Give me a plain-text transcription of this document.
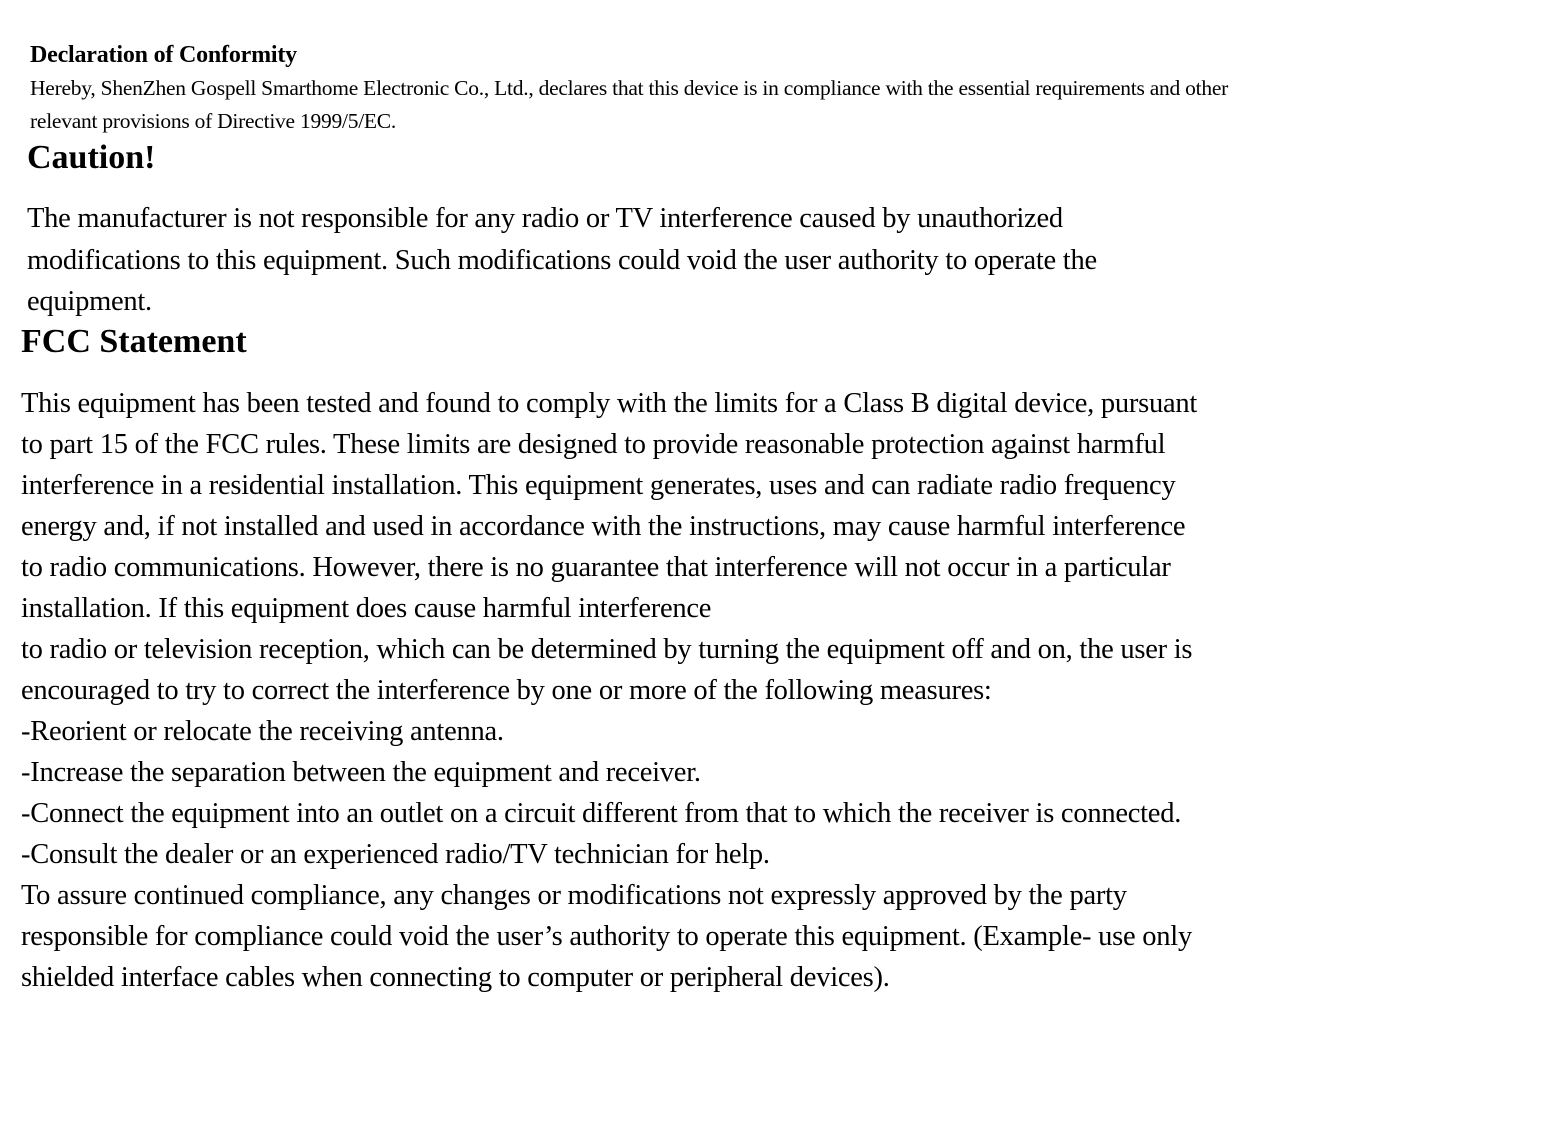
Declaration of Conformity
Hereby, ShenZhen Gospell Smarthome Electronic Co., Ltd., declares that this device is in compliance with the essential requirements and other
relevant provisions of Directive 1999/5/EC.
Caution!
The manufacturer is not responsible for any radio or TV interference caused by unauthorized
modifications to this equipment. Such modifications could void the user authority to operate the
equipment.
FCC Statement
This equipment has been tested and found to comply with the limits for a Class B digital device, pursuant
to part 15 of the FCC rules. These limits are designed to provide reasonable protection against harmful
interference in a residential installation. This equipment generates, uses and can radiate radio frequency
energy and, if not installed and used in accordance with the instructions, may cause harmful interference
to radio communications. However, there is no guarantee that interference will not occur in a particular
installation. If this equipment does cause harmful interference
to radio or television reception, which can be determined by turning the equipment off and on, the user is
encouraged to try to correct the interference by one or more of the following measures:
-Reorient or relocate the receiving antenna.
-Increase the separation between the equipment and receiver.
-Connect the equipment into an outlet on a circuit different from that to which the receiver is connected.
-Consult the dealer or an experienced radio/TV technician for help.
To assure continued compliance, any changes or modifications not expressly approved by the party
responsible for compliance could void the user’s authority to operate this equipment. (Example- use only
shielded interface cables when connecting to computer or peripheral devices).
